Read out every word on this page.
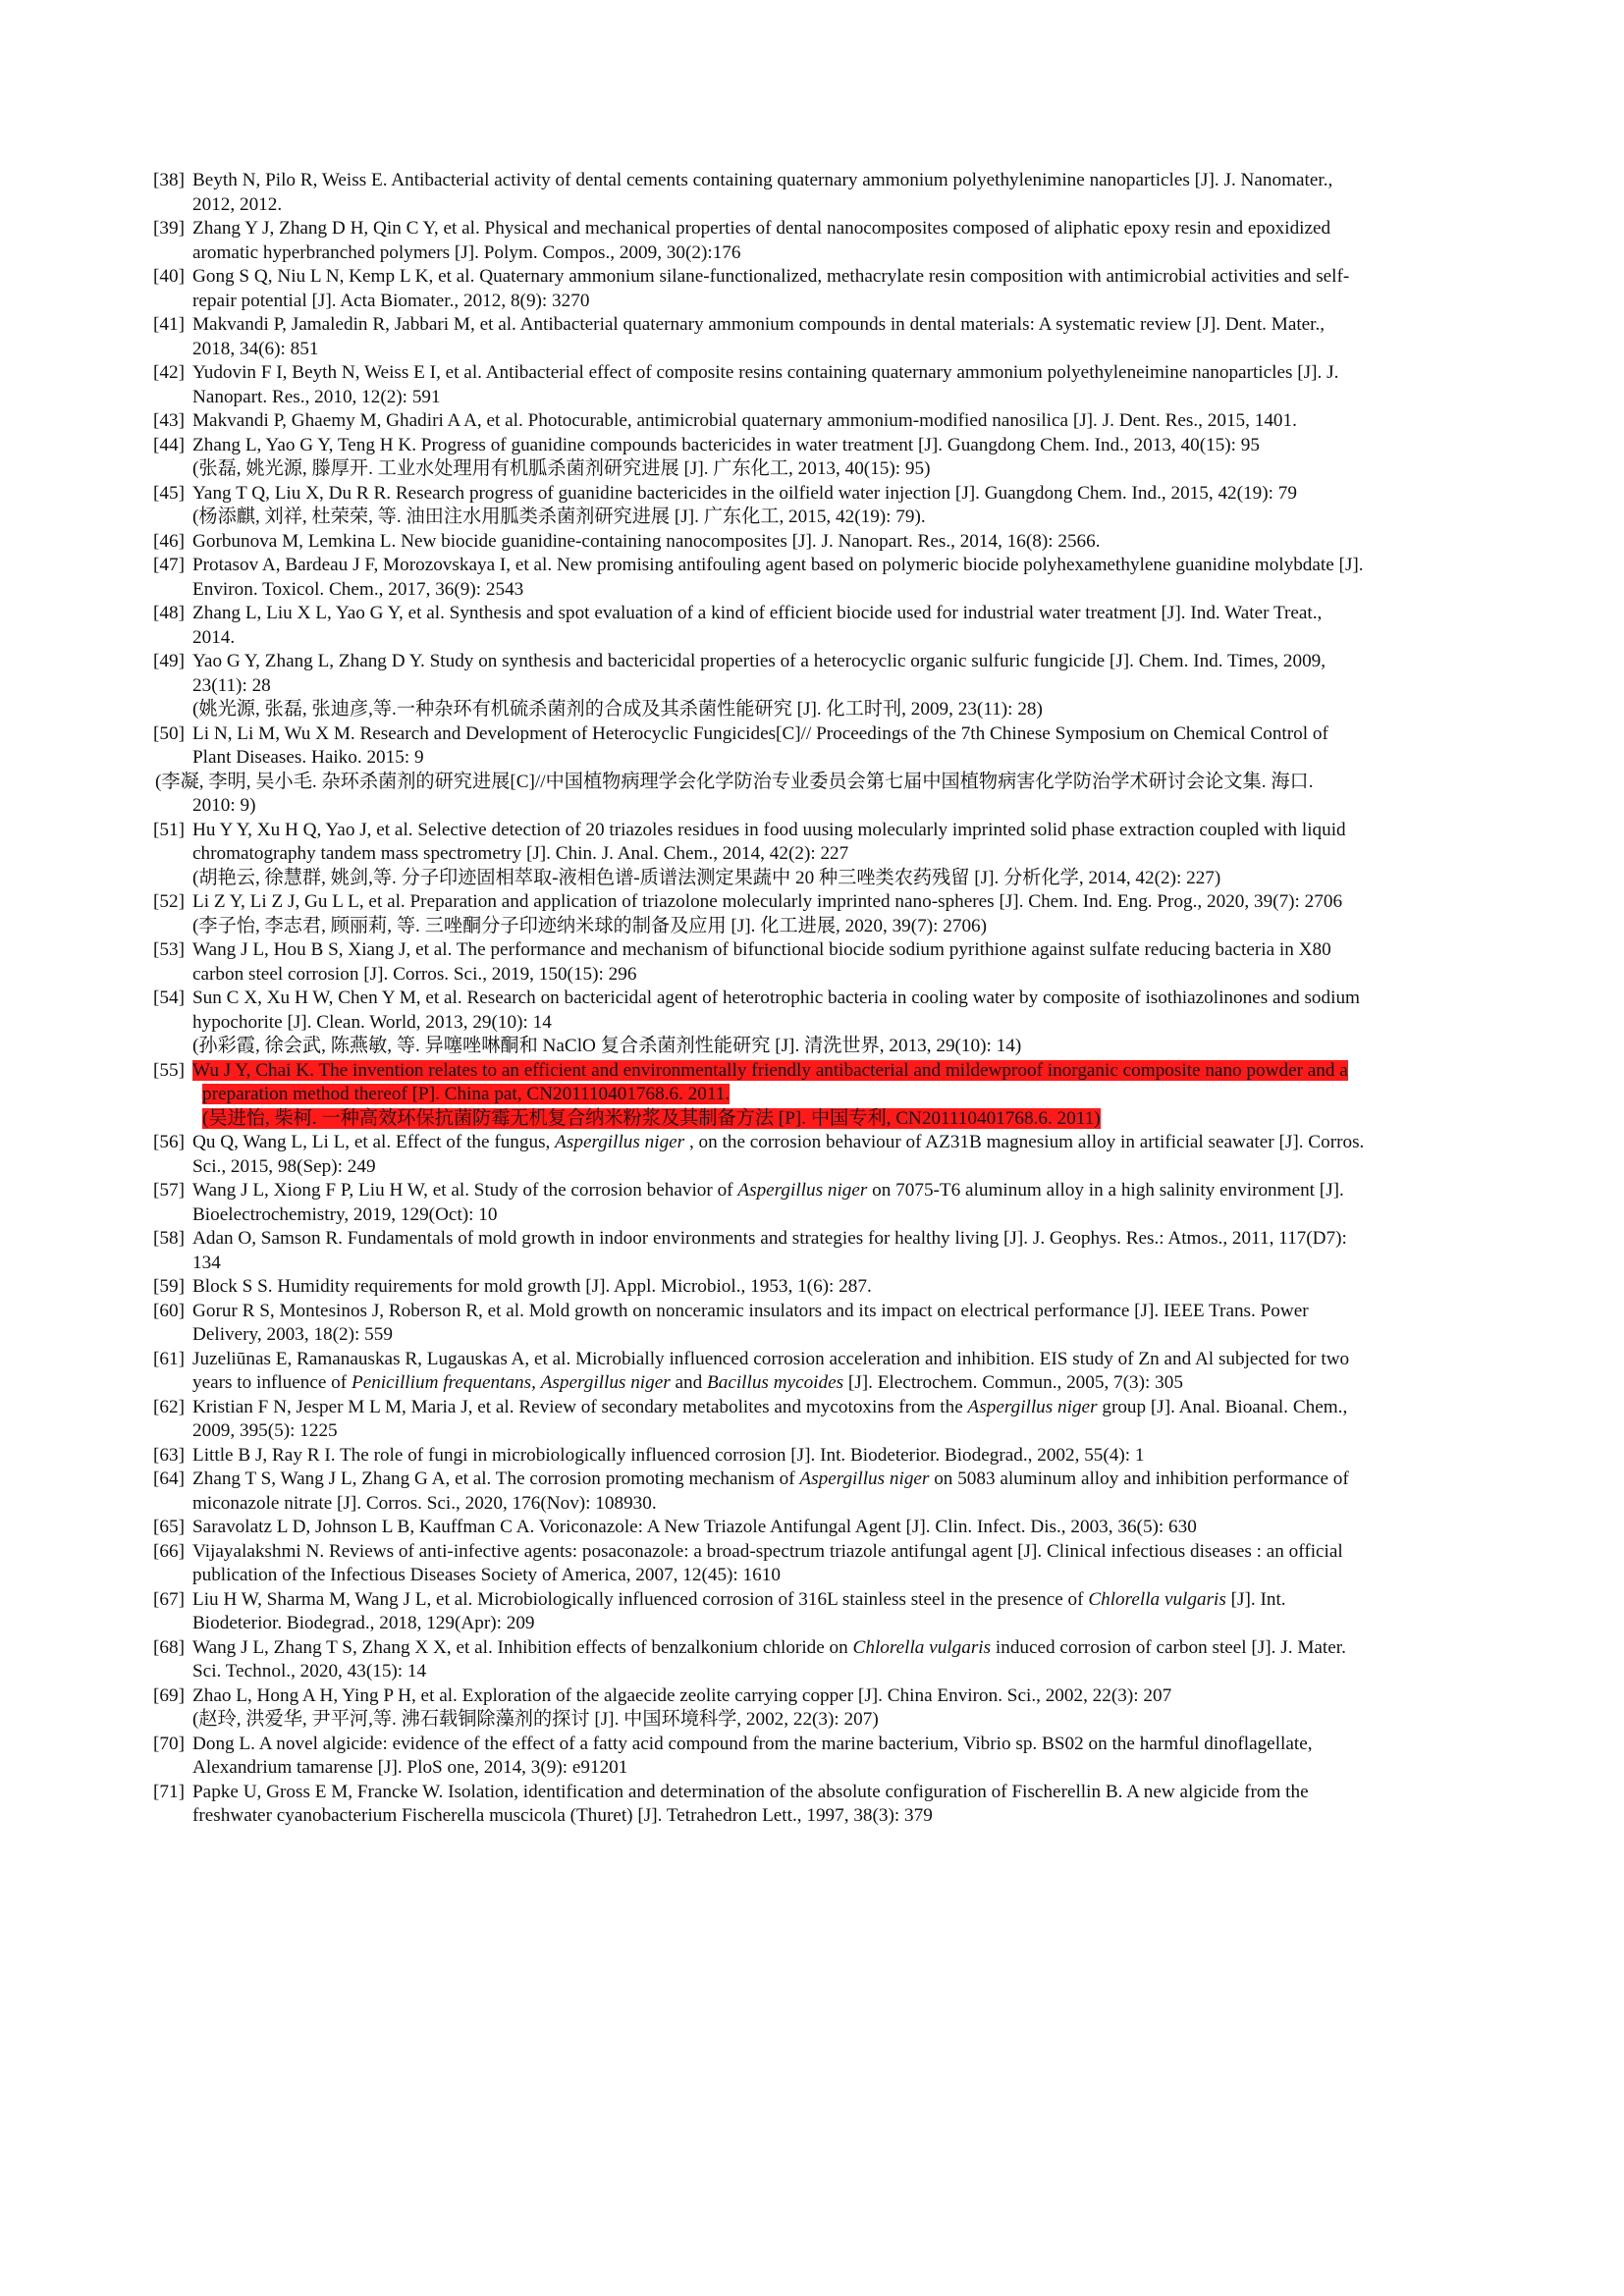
[38] Beyth N, Pilo R, Weiss E. Antibacterial activity of dental cements containing quaternary ammonium polyethylenimine nanoparticles [J]. J. Nanomater.,
2012, 2012.
[39] Zhang Y J, Zhang D H, Qin C Y, et al. Physical and mechanical properties of dental nanocomposites composed of aliphatic epoxy resin and epoxidized
aromatic hyperbranched polymers [J]. Polym. Compos., 2009, 30(2):176
[40] Gong S Q, Niu L N, Kemp L K, et al. Quaternary ammonium silane-functionalized, methacrylate resin composition with antimicrobial activities and self-
repair potential [J]. Acta Biomater., 2012, 8(9): 3270
[41] Makvandi P, Jamaledin R, Jabbari M, et al. Antibacterial quaternary ammonium compounds in dental materials: A systematic review [J]. Dent. Mater.,
2018, 34(6): 851
[42] Yudovin F I, Beyth N, Weiss E I, et al. Antibacterial effect of composite resins containing quaternary ammonium polyethyleneimine nanoparticles [J]. J.
Nanopart. Res., 2010, 12(2): 591
[43] Makvandi P, Ghaemy M, Ghadiri A A, et al. Photocurable, antimicrobial quaternary ammonium-modified nanosilica [J]. J. Dent. Res., 2015, 1401.
[44] Zhang L, Yao G Y, Teng H K. Progress of guanidine compounds bactericides in water treatment [J]. Guangdong Chem. Ind., 2013, 40(15): 95
(张磊, 姚光源, 滕厚开. 工业水处理用有机胍杀菌剂研究进展 [J]. 广东化工, 2013, 40(15): 95)
[45] Yang T Q, Liu X, Du R R. Research progress of guanidine bactericides in the oilfield water injection [J]. Guangdong Chem. Ind., 2015, 42(19): 79
(杨添麒, 刘祥, 杜荣荣, 等. 油田注水用胍类杀菌剂研究进展 [J]. 广东化工, 2015, 42(19): 79).
[46] Gorbunova M, Lemkina L. New biocide guanidine-containing nanocomposites [J]. J. Nanopart. Res., 2014, 16(8): 2566.
[47] Protasov A, Bardeau J F, Morozovskaya I, et al. New promising antifouling agent based on polymeric biocide polyhexamethylene guanidine molybdate [J].
Environ. Toxicol. Chem., 2017, 36(9): 2543
[48] Zhang L, Liu X L, Yao G Y, et al. Synthesis and spot evaluation of a kind of efficient biocide used for industrial water treatment [J]. Ind. Water Treat.,
2014.
[49] Yao G Y, Zhang L, Zhang D Y. Study on synthesis and bactericidal properties of a heterocyclic organic sulfuric fungicide [J]. Chem. Ind. Times, 2009,
23(11): 28
(姚光源, 张磊, 张迪彦,等.一种杂环有机硫杀菌剂的合成及其杀菌性能研究 [J]. 化工时刊, 2009, 23(11): 28)
[50] Li N, Li M, Wu X M. Research and Development of Heterocyclic Fungicides[C]// Proceedings of the 7th Chinese Symposium on Chemical Control of
Plant Diseases. Haiko. 2015: 9
(李凝, 李明, 吴小毛. 杂环杀菌剂的研究进展[C]//中国植物病理学会化学防治专业委员会第七届中国植物病害化学防治学术研讨会论文集. 海口.
2010: 9)
[51] Hu Y Y, Xu H Q, Yao J, et al. Selective detection of 20 triazoles residues in food uusing molecularly imprinted solid phase extraction coupled with liquid
chromatography tandem mass spectrometry [J]. Chin. J. Anal. Chem., 2014, 42(2): 227
(胡艳云, 徐慧群, 姚剑,等. 分子印迹固相萃取-液相色谱-质谱法测定果蔬中 20 种三唑类农药残留 [J]. 分析化学, 2014, 42(2): 227)
[52] Li Z Y, Li Z J, Gu L L, et al. Preparation and application of triazolone molecularly imprinted nano-spheres [J]. Chem. Ind. Eng. Prog., 2020, 39(7): 2706
(李子怡, 李志君, 顾丽莉, 等. 三唑酮分子印迹纳米球的制备及应用 [J]. 化工进展, 2020, 39(7): 2706)
[53] Wang J L, Hou B S, Xiang J, et al. The performance and mechanism of bifunctional biocide sodium pyrithione against sulfate reducing bacteria in X80
carbon steel corrosion [J]. Corros. Sci., 2019, 150(15): 296
[54] Sun C X, Xu H W, Chen Y M, et al. Research on bactericidal agent of heterotrophic bacteria in cooling water by composite of isothiazolinones and sodium
hypochorite [J]. Clean. World, 2013, 29(10): 14
(孙彩霞, 徐会武, 陈燕敏, 等. 异噻唑啉酮和 NaClO 复合杀菌剂性能研究 [J]. 清洗世界, 2013, 29(10): 14)
[55] Wu J Y, Chai K. The invention relates to an efficient and environmentally friendly antibacterial and mildewproof inorganic composite nano powder and a
preparation method thereof [P]. China pat, CN201110401768.6. 2011.
(吴进怡, 柴柯. 一种高效环保抗菌防霉无机复合纳米粉浆及其制备方法 [P]. 中国专利, CN201110401768.6. 2011)
[56] Qu Q, Wang L, Li L, et al. Effect of the fungus, Aspergillus niger , on the corrosion behaviour of AZ31B magnesium alloy in artificial seawater [J]. Corros.
Sci., 2015, 98(Sep): 249
[57] Wang J L, Xiong F P, Liu H W, et al. Study of the corrosion behavior of Aspergillus niger on 7075-T6 aluminum alloy in a high salinity environment [J].
Bioelectrochemistry, 2019, 129(Oct): 10
[58] Adan O, Samson R. Fundamentals of mold growth in indoor environments and strategies for healthy living [J]. J. Geophys. Res.: Atmos., 2011, 117(D7):
134
[59] Block S S. Humidity requirements for mold growth [J]. Appl. Microbiol., 1953, 1(6): 287.
[60] Gorur R S, Montesinos J, Roberson R, et al. Mold growth on nonceramic insulators and its impact on electrical performance [J]. IEEE Trans. Power
Delivery, 2003, 18(2): 559
[61] Juzeliūnas E, Ramanauskas R, Lugauskas A, et al. Microbially influenced corrosion acceleration and inhibition. EIS study of Zn and Al subjected for two
years to influence of Penicillium frequentans, Aspergillus niger and Bacillus mycoides [J]. Electrochem. Commun., 2005, 7(3): 305
[62] Kristian F N, Jesper M L M, Maria J, et al. Review of secondary metabolites and mycotoxins from the Aspergillus niger group [J]. Anal. Bioanal. Chem.,
2009, 395(5): 1225
[63] Little B J, Ray R I. The role of fungi in microbiologically influenced corrosion [J]. Int. Biodeterior. Biodegrad., 2002, 55(4): 1
[64] Zhang T S, Wang J L, Zhang G A, et al. The corrosion promoting mechanism of Aspergillus niger on 5083 aluminum alloy and inhibition performance of
miconazole nitrate [J]. Corros. Sci., 2020, 176(Nov): 108930.
[65] Saravolatz L D, Johnson L B, Kauffman C A. Voriconazole: A New Triazole Antifungal Agent [J]. Clin. Infect. Dis., 2003, 36(5): 630
[66] Vijayalakshmi N. Reviews of anti-infective agents: posaconazole: a broad-spectrum triazole antifungal agent [J]. Clinical infectious diseases : an official
publication of the Infectious Diseases Society of America, 2007, 12(45): 1610
[67] Liu H W, Sharma M, Wang J L, et al. Microbiologically influenced corrosion of 316L stainless steel in the presence of Chlorella vulgaris [J]. Int.
Biodeterior. Biodegrad., 2018, 129(Apr): 209
[68] Wang J L, Zhang T S, Zhang X X, et al. Inhibition effects of benzalkonium chloride on Chlorella vulgaris induced corrosion of carbon steel [J]. J. Mater.
Sci. Technol., 2020, 43(15): 14
[69] Zhao L, Hong A H, Ying P H, et al. Exploration of the algaecide zeolite carrying copper [J]. China Environ. Sci., 2002, 22(3): 207
(赵玲, 洪爱华, 尹平河,等. 沸石载铜除藻剂的探讨 [J]. 中国环境科学, 2002, 22(3): 207)
[70] Dong L. A novel algicide: evidence of the effect of a fatty acid compound from the marine bacterium, Vibrio sp. BS02 on the harmful dinoflagellate,
Alexandrium tamarense [J]. PloS one, 2014, 3(9): e91201
[71] Papke U, Gross E M, Francke W. Isolation, identification and determination of the absolute configuration of Fischerellin B. A new algicide from the
freshwater cyanobacterium Fischerella muscicola (Thuret) [J]. Tetrahedron Lett., 1997, 38(3): 379
